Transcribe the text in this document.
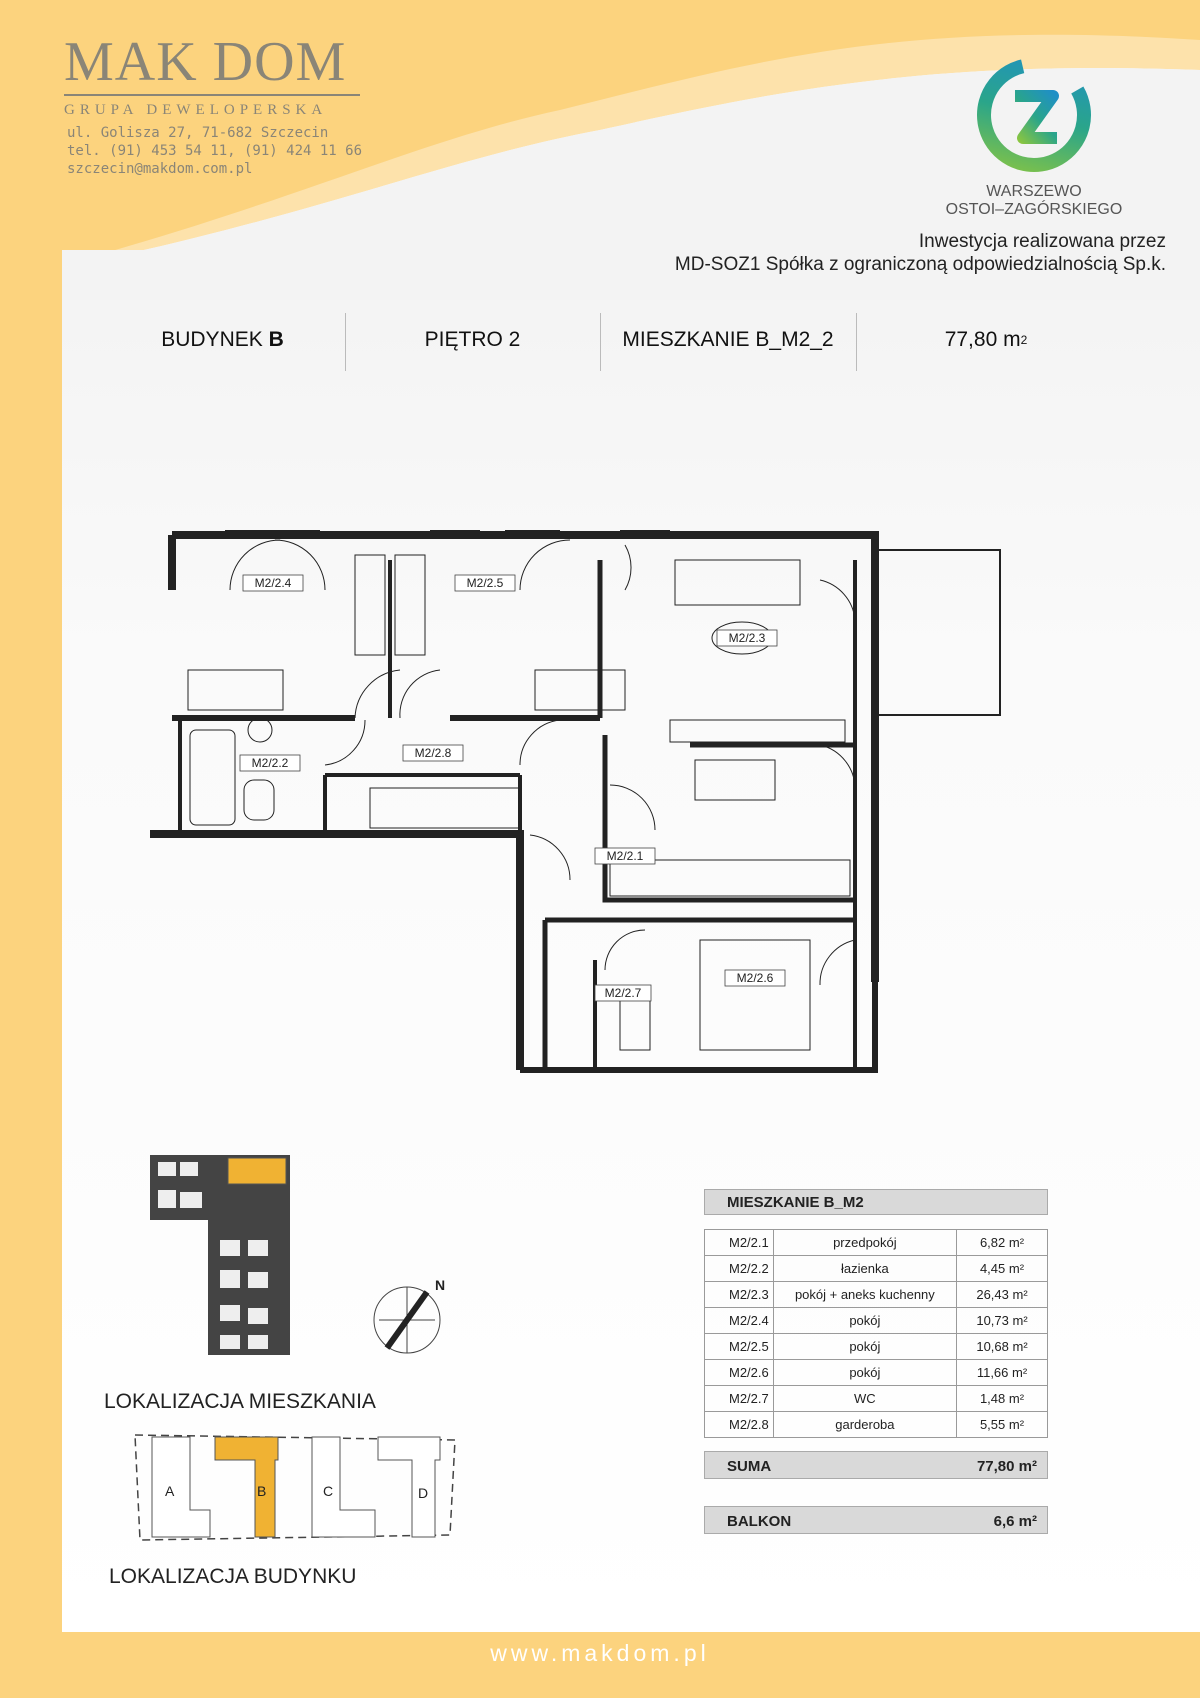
MAK DOM
GRUPA DEWELOPERSKA
ul. Golisza 27, 71-682 Szczecin
tel. (91) 453 54 11, (91) 424 11 66
szczecin@makdom.com.pl
WARSZEWO
OSTOI–ZAGÓRSKIEGO
Inwestycja realizowana przez
MD-SOZ1 Spółka z ograniczoną odpowiedzialnością Sp.k.
BUDYNEK
B	PIĘTRO 2	MIESZKANIE B_M2_2	77,80 m 2
M2/2.4	M2/2.5
M2/2.3
M2/2.2
M2/2.8
M2/2.1
M2/2.6
M2/2.7
N
LOKALIZACJA MIESZKANIA
A	B	C	D
LOKALIZACJA BUDYNKU
MIESZKANIE B_M2
M2/2.1	przedpokój	6,82 m²
M2/2.2	łazienka	4,45 m²
M2/2.3	pokój + aneks kuchenny	26,43 m²
M2/2.4	pokój	10,73 m²
M2/2.5	pokój	10,68 m²
M2/2.6	pokój	11,66 m²
M2/2.7	WC	1,48 m²
M2/2.8	garderoba	5,55 m²
SUMA	77,80 m²
BALKON	6,6 m²
www.makdom.pl
